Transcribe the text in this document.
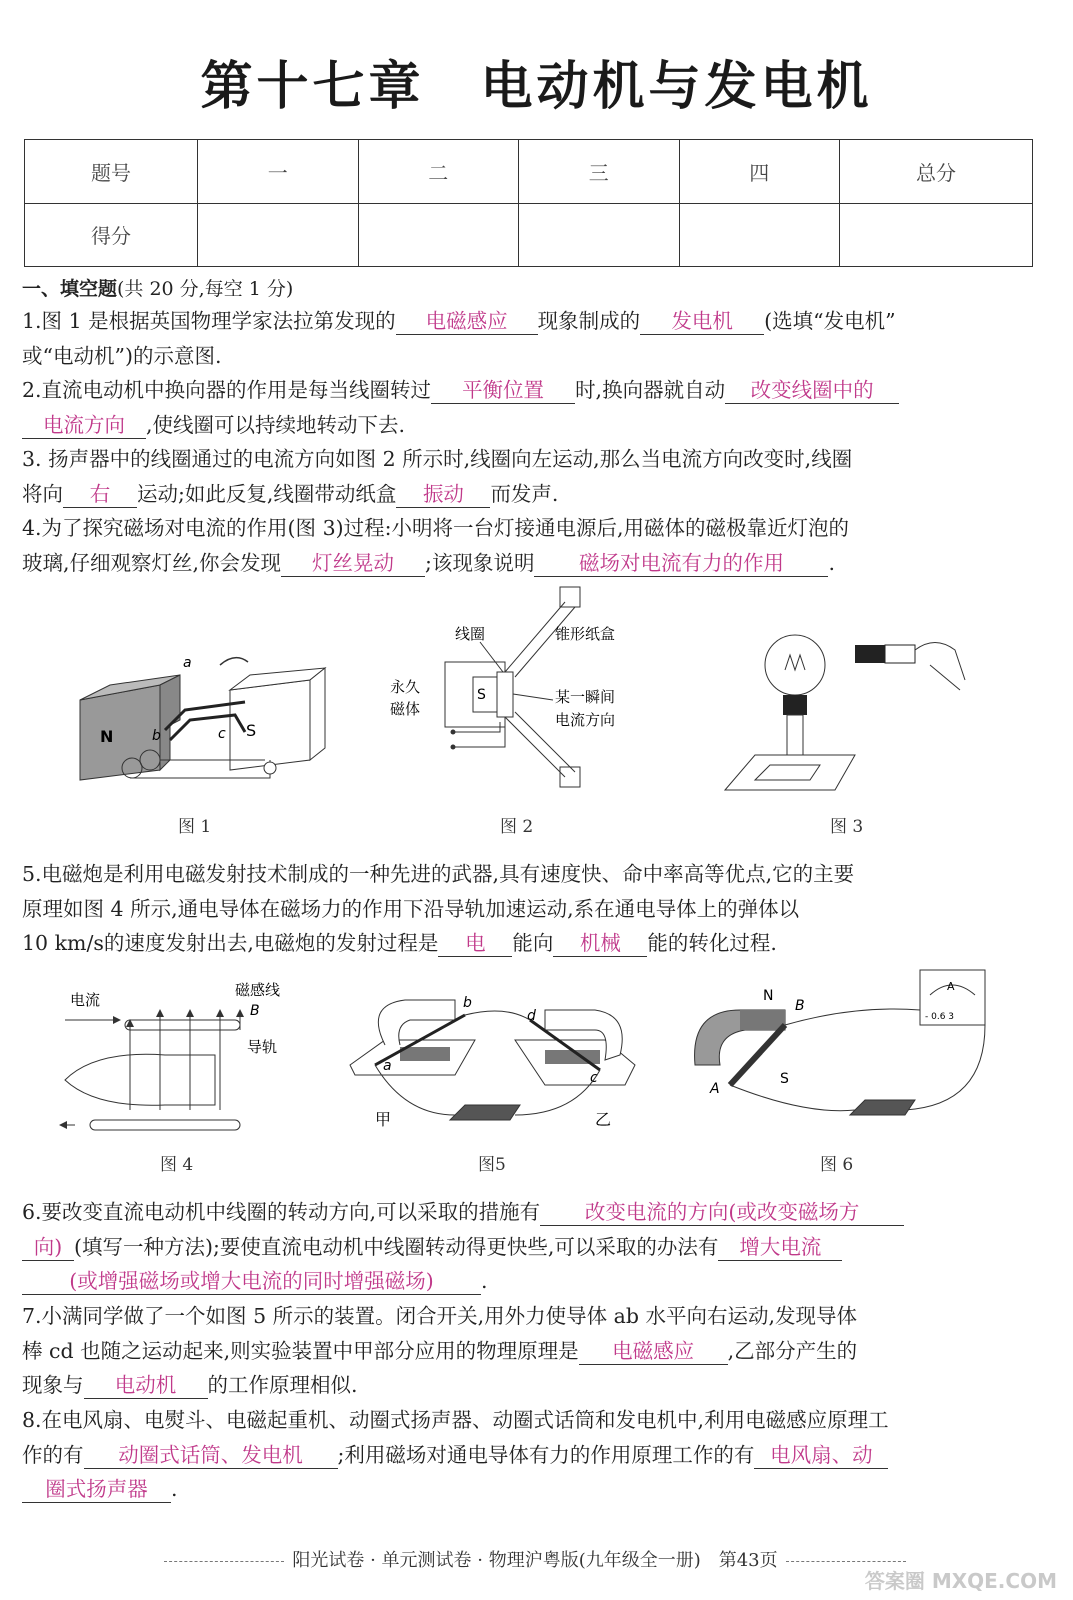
第十七章　电动机与发电机
题号	一	二	三	四	总分
得分					
一、填空题(共 20 分,每空 1 分)
1.图 1 是根据英国物理学家法拉第发现的 电磁感应 现象制成的 发电机 (选填“发电机”
或“电动机”)的示意图.
2.直流电动机中换向器的作用是每当线圈转过 平衡位置 时,换向器就自动 改变线圈中的
电流方向 ,使线圈可以持续地转动下去.
3. 扬声器中的线圈通过的电流方向如图 2 所示时,线圈向左运动,那么当电流方向改变时,线圈
将向 右 运动;如此反复,线圈带动纸盒 振动 而发声.
4.为了探究磁场对电流的作用(图 3)过程:小明将一台灯接通电源后,用磁体的磁极靠近灯泡的
玻璃,仔细观察灯丝,你会发现 灯丝晃动 ;该现象说明 磁场对电流有力的作用 .
N	S
a
b	c
图 1
S
线圈	锥形纸盒
永久
磁体
某一瞬间
电流方向
图 2	图 3
5.电磁炮是利用电磁发射技术制成的一种先进的武器,具有速度快、命中率高等优点,它的主要
原理如图 4 所示,通电导体在磁场力的作用下沿导轨加速运动,系在通电导体上的弹体以
10 km/s的速度发射出去,电磁炮的发射过程是 电 能向 机械 能的转化过程.
电流
磁感线
B
导轨
图 4
a
b
d
c
甲	乙
图5
N
S
A
B
A
- 0.6 3
图 6
6.要改变直流电动机中线圈的转动方向,可以采取的措施有 改变电流的方向(或改变磁场方
向) (填写一种方法);要使直流电动机中线圈转动得更快些,可以采取的办法有 增大电流
(或增强磁场或增大电流的同时增强磁场) .
7.小满同学做了一个如图 5 所示的装置。闭合开关,用外力使导体 ab 水平向右运动,发现导体
棒 cd 也随之运动起来,则实验装置中甲部分应用的物理原理是 电磁感应 ,乙部分产生的
现象与 电动机 的工作原理相似.
8.在电风扇、电熨斗、电磁起重机、动圈式扬声器、动圈式话筒和发电机中,利用电磁感应原理工
作的有 动圈式话筒、发电机 ;利用磁场对通电导体有力的作用原理工作的有 电风扇、动
圈式扬声器 .
阳光试卷 · 单元测试卷 · 物理沪粤版(九年级全一册)　第43页
答案圈 MXQE.COM
